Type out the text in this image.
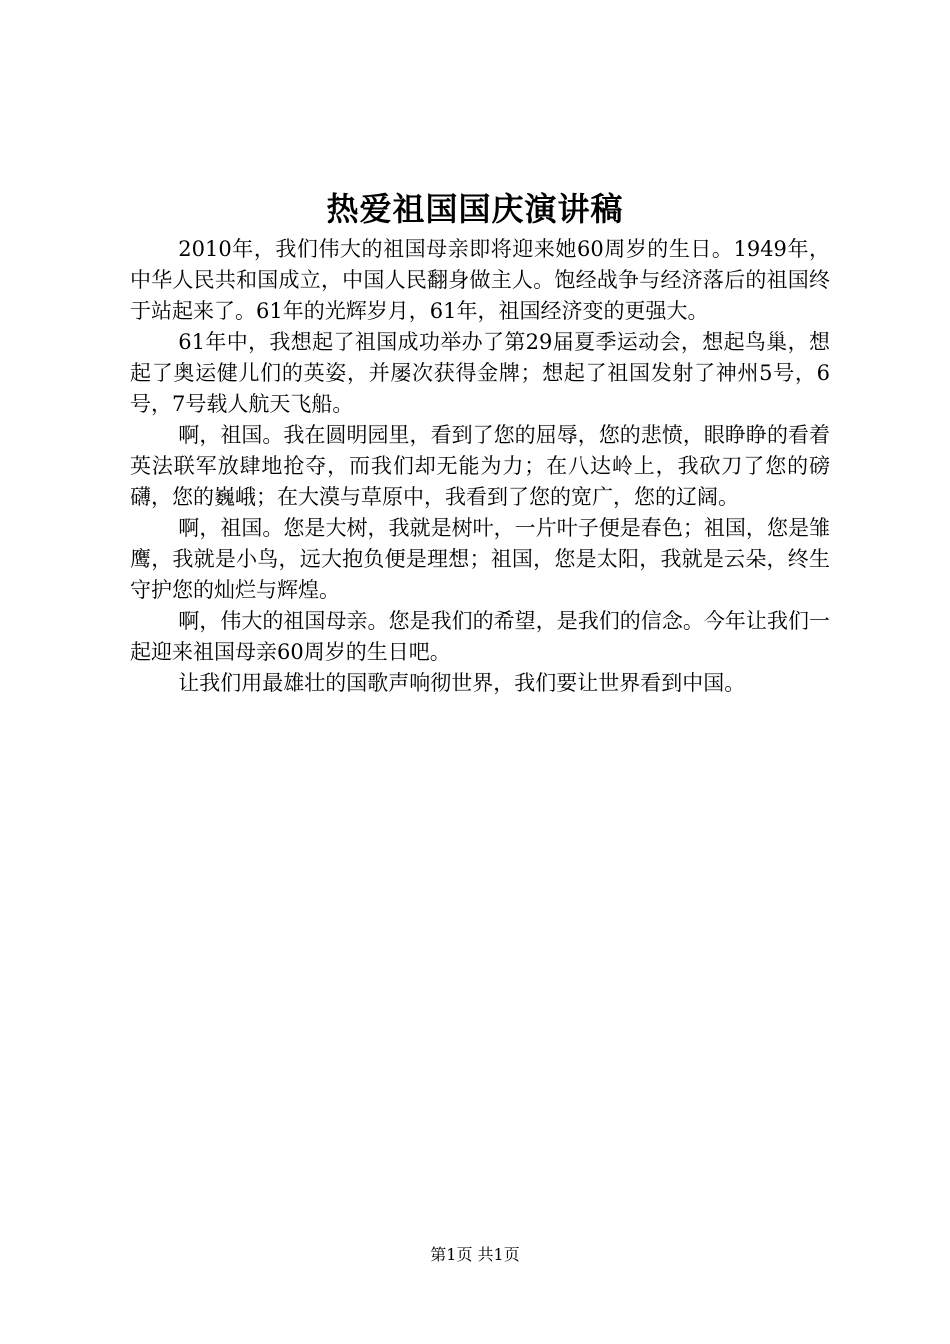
热爱祖国国庆演讲稿

2010年，我们伟大的祖国母亲即将迎来她60周岁的生日。1949年，中华人民共和国成立，中国人民翻身做主人。饱经战争与经济落后的祖国终于站起来了。61年的光辉岁月，61年，祖国经济变的更强大。

61年中，我想起了祖国成功举办了第29届夏季运动会，想起鸟巢，想起了奥运健儿们的英姿，并屡次获得金牌；想起了祖国发射了神州5号，6号，7号载人航天飞船。

啊，祖国。我在圆明园里，看到了您的屈辱，您的悲愤，眼睁睁的看着英法联军放肆地抢夺，而我们却无能为力；在八达岭上，我砍刀了您的磅礴，您的巍峨；在大漠与草原中，我看到了您的宽广，您的辽阔。

啊，祖国。您是大树，我就是树叶，一片叶子便是春色；祖国，您是雏鹰，我就是小鸟，远大抱负便是理想；祖国，您是太阳，我就是云朵，终生守护您的灿烂与辉煌。

啊，伟大的祖国母亲。您是我们的希望，是我们的信念。今年让我们一起迎来祖国母亲60周岁的生日吧。

让我们用最雄壮的国歌声响彻世界，我们要让世界看到中国。

第1页 共1页
